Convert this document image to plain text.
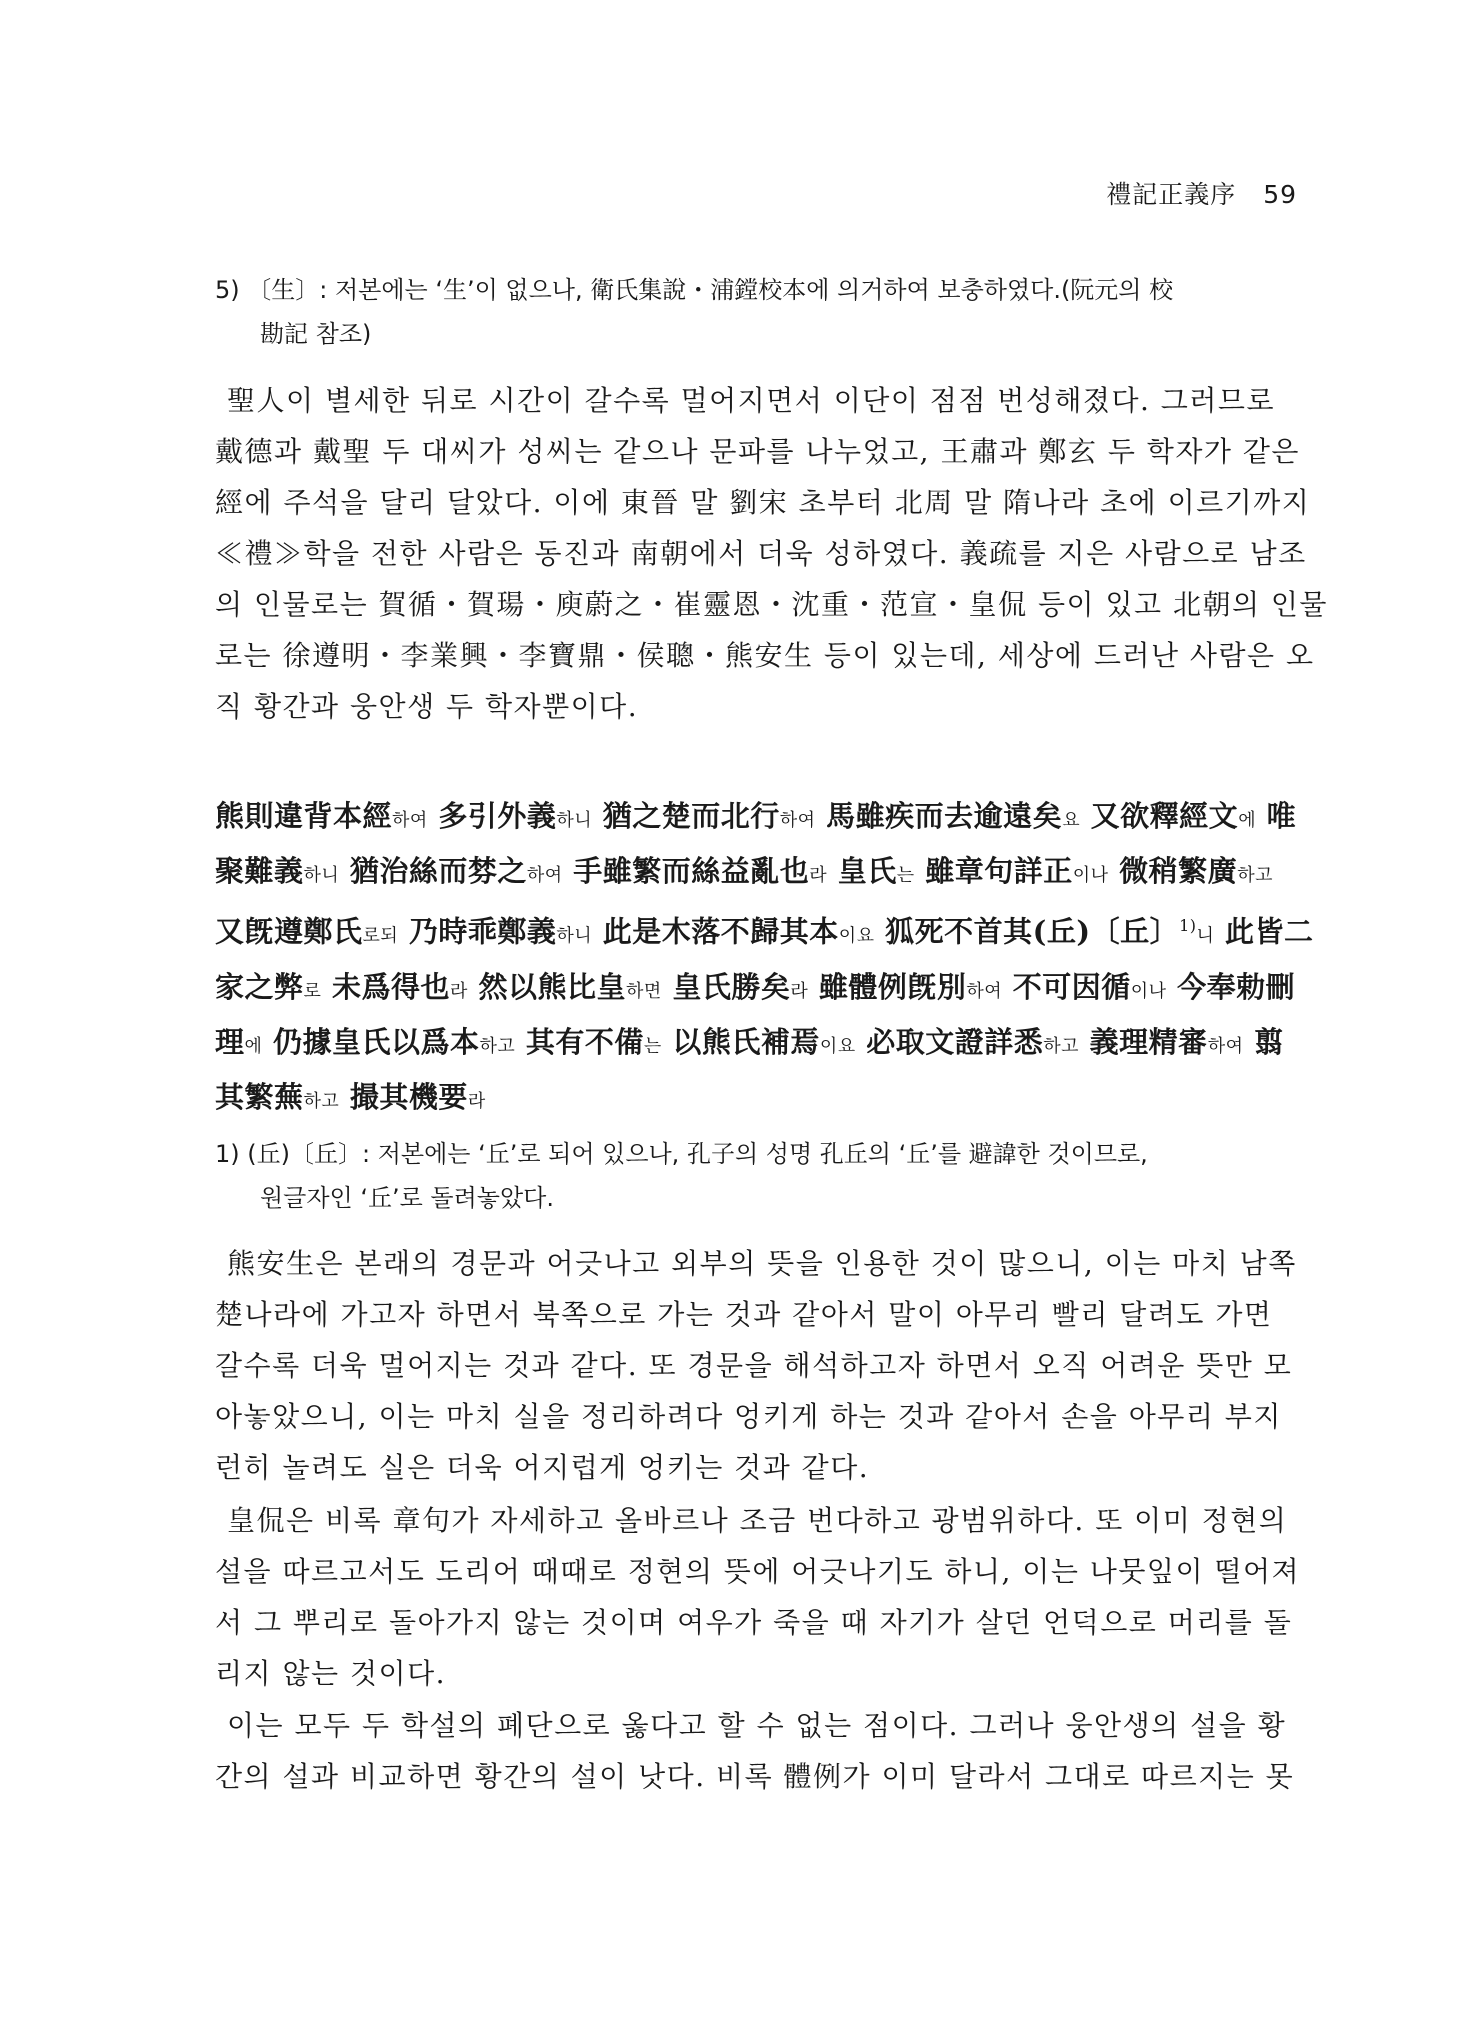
禮記正義序 59
5) 〔生〕: 저본에는 ‘生’이 없으나, 衛氏集說・浦鏜校本에 의거하여 보충하였다.(阮元의 校
勘記 참조)
聖人이 별세한 뒤로 시간이 갈수록 멀어지면서 이단이 점점 번성해졌다. 그러므로
戴德과 戴聖 두 대씨가 성씨는 같으나 문파를 나누었고, 王肅과 鄭玄 두 학자가 같은
經에 주석을 달리 달았다. 이에 東晉 말 劉宋 초부터 北周 말 隋나라 초에 이르기까지
≪禮≫학을 전한 사람은 동진과 南朝에서 더욱 성하였다. 義疏를 지은 사람으로 남조
의 인물로는 賀循・賀瑒・庾蔚之・崔靈恩・沈重・范宣・皇侃 등이 있고 北朝의 인물
로는 徐遵明・李業興・李寶鼎・侯聰・熊安生 등이 있는데, 세상에 드러난 사람은 오
직 황간과 웅안생 두 학자뿐이다.
熊則違背本經하여 多引外義하니 猶之楚而北行하여 馬雖疾而去逾遠矣요 又欲釋經文에 唯
聚難義하니 猶治絲而棼之하여 手雖繁而絲益亂也라 皇氏는 雖章句詳正이나 微稍繁廣하고
又旣遵鄭氏로되 乃時乖鄭義하니 此是木落不歸其本이요 狐死不首其(丘)〔丘〕$^{1)}$니 此皆二
家之弊로 未爲得也라 然以熊比皇하면 皇氏勝矣라 雖體例旣別하여 不可因循이나 今奉勅刪
理에 仍據皇氏以爲本하고 其有不備는 以熊氏補焉이요 必取文證詳悉하고 義理精審하여 翦
其繁蕪하고 撮其機要라
1) (丘)〔丘〕: 저본에는 ‘丘’로 되어 있으나, 孔子의 성명 孔丘의 ‘丘’를 避諱한 것이므로,
원글자인 ‘丘’로 돌려놓았다.
熊安生은 본래의 경문과 어긋나고 외부의 뜻을 인용한 것이 많으니, 이는 마치 남쪽
楚나라에 가고자 하면서 북쪽으로 가는 것과 같아서 말이 아무리 빨리 달려도 가면
갈수록 더욱 멀어지는 것과 같다. 또 경문을 해석하고자 하면서 오직 어려운 뜻만 모
아놓았으니, 이는 마치 실을 정리하려다 엉키게 하는 것과 같아서 손을 아무리 부지
런히 놀려도 실은 더욱 어지럽게 엉키는 것과 같다.
皇侃은 비록 章句가 자세하고 올바르나 조금 번다하고 광범위하다. 또 이미 정현의
설을 따르고서도 도리어 때때로 정현의 뜻에 어긋나기도 하니, 이는 나뭇잎이 떨어져
서 그 뿌리로 돌아가지 않는 것이며 여우가 죽을 때 자기가 살던 언덕으로 머리를 돌
리지 않는 것이다.
이는 모두 두 학설의 폐단으로 옳다고 할 수 없는 점이다. 그러나 웅안생의 설을 황
간의 설과 비교하면 황간의 설이 낫다. 비록 體例가 이미 달라서 그대로 따르지는 못
